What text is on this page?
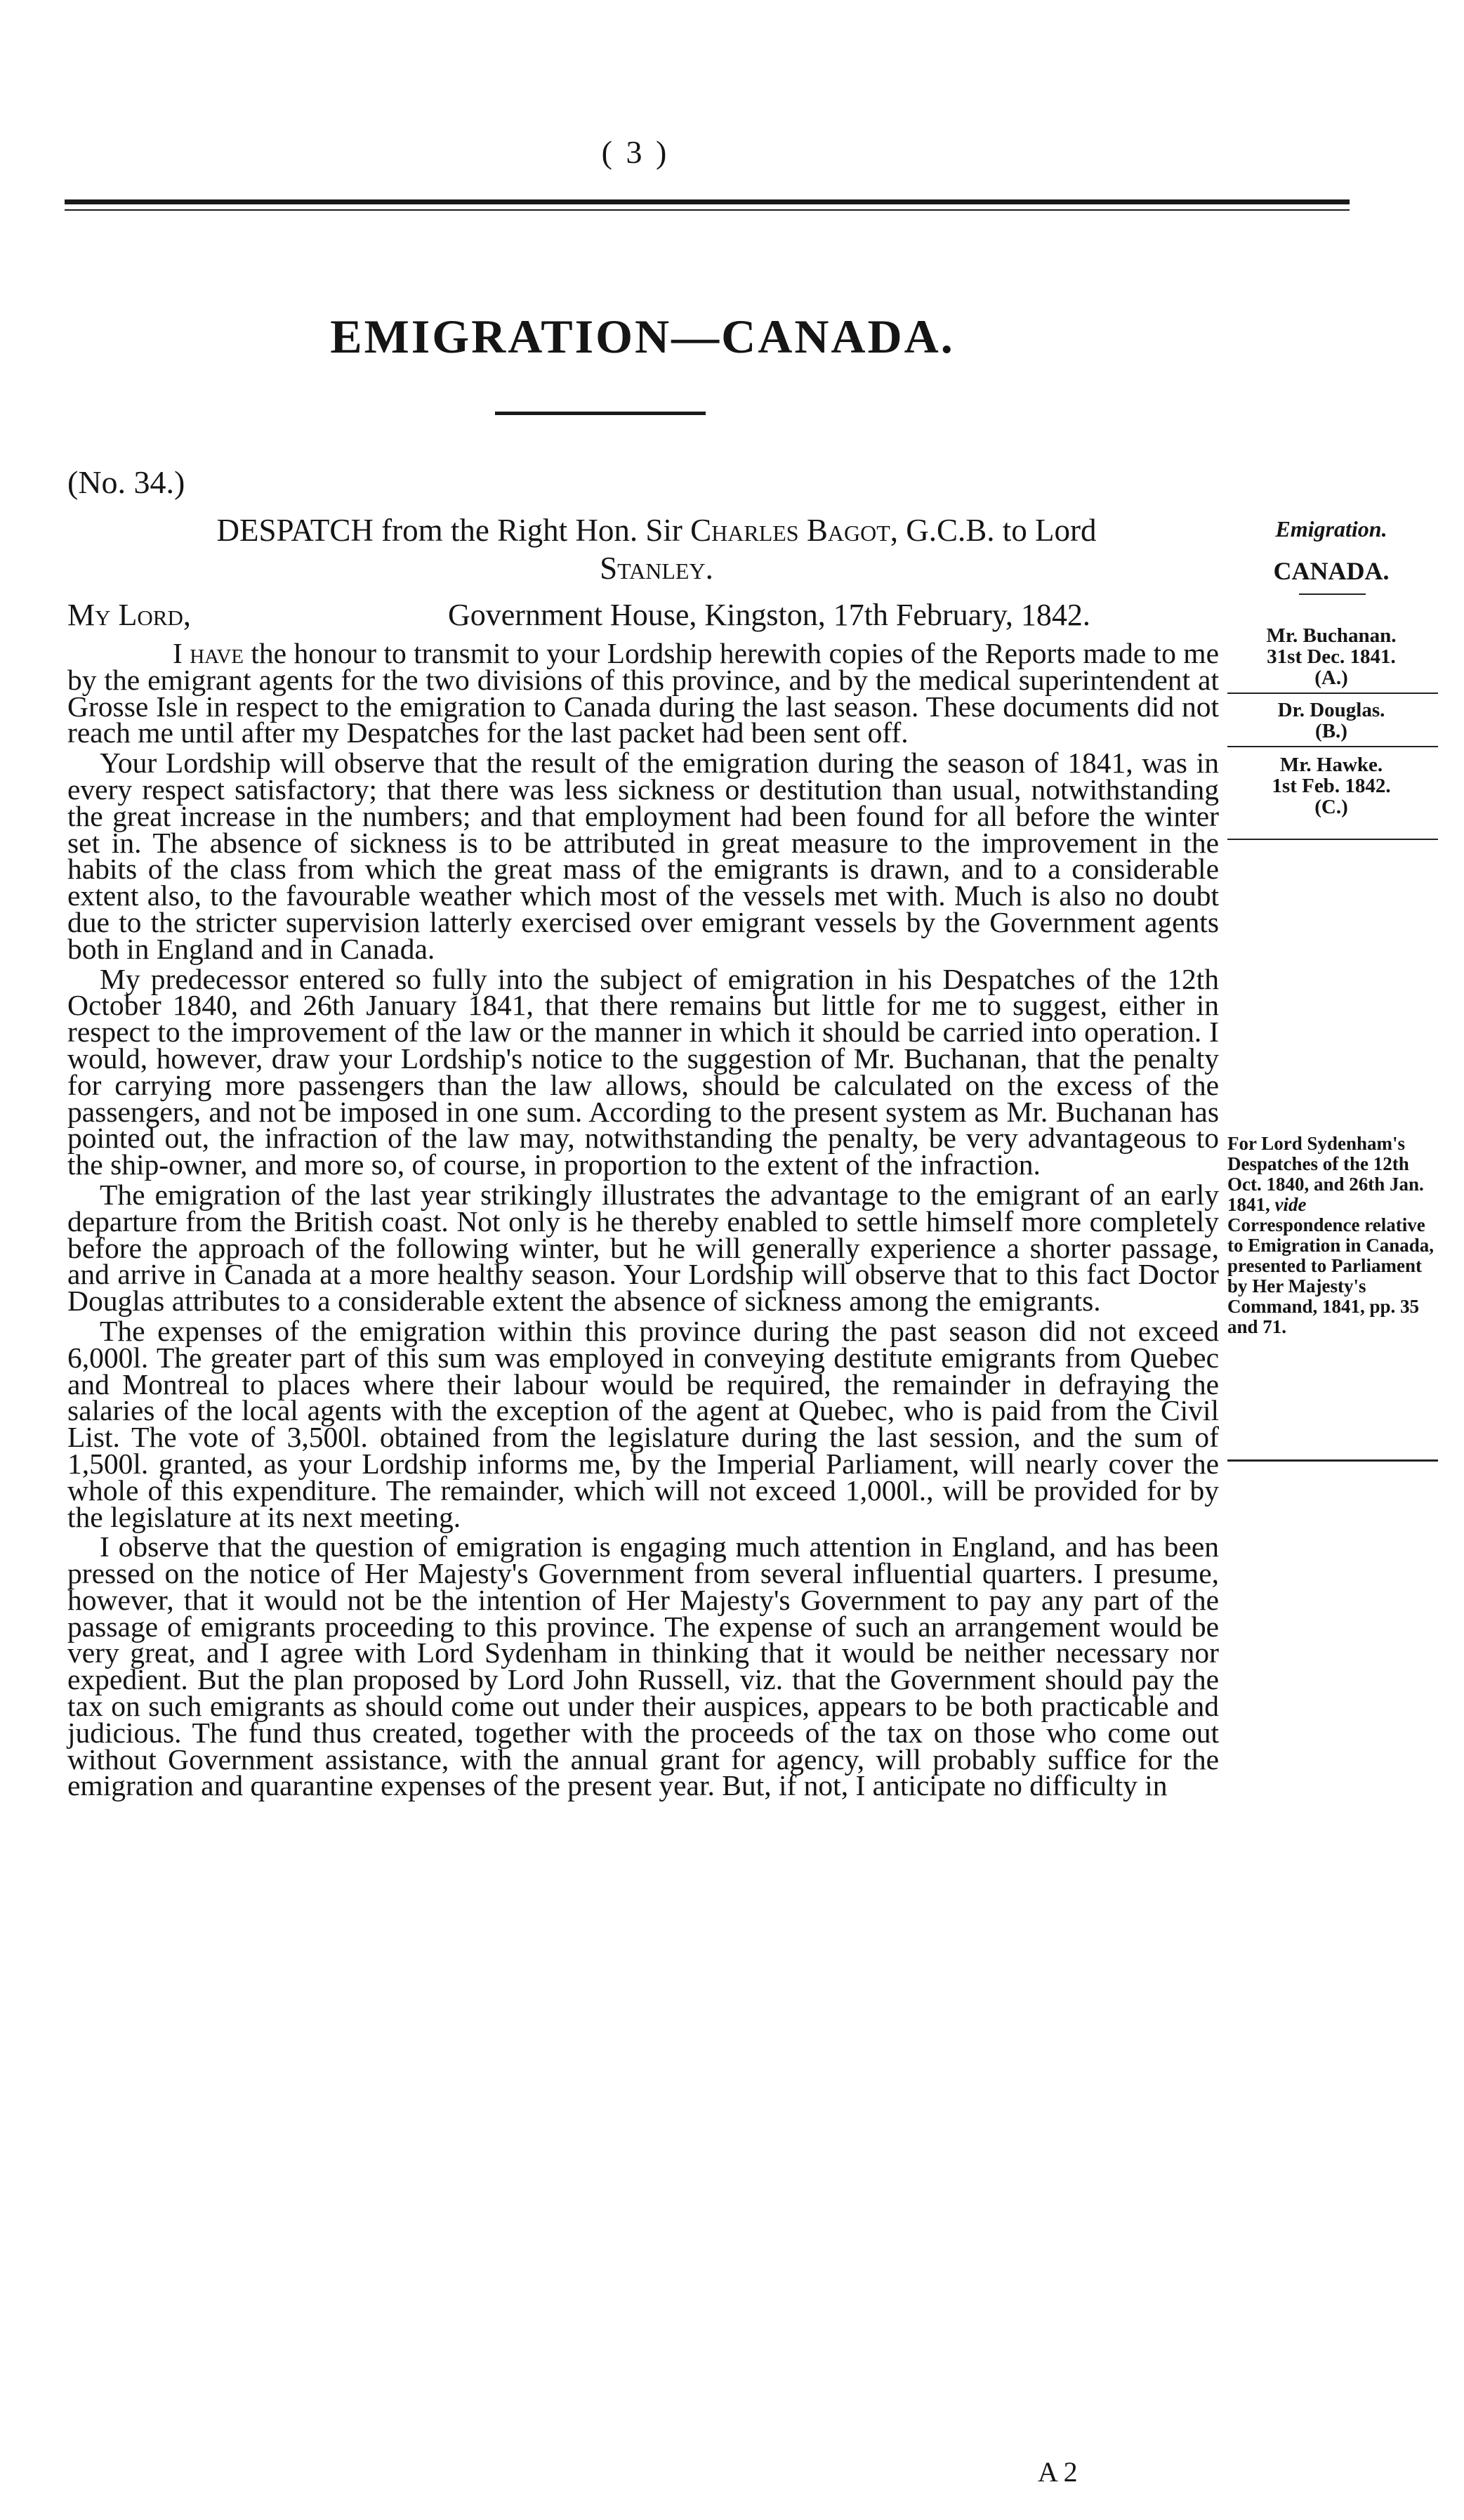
( 3 )
EMIGRATION—CANADA.
(No. 34.)
DESPATCH from the Right Hon. Sir Charles Bagot, G.C.B. to Lord
Stanley.
My Lord,	Government House, Kingston, 17th February, 1842.

I have the honour to transmit to your Lordship herewith copies of the Reports made to me by the emigrant agents for the two divisions of this province, and by the medical superintendent at Grosse Isle in respect to the emigration to Canada during the last season. These documents did not reach me until after my Despatches for the last packet had been sent off.

Your Lordship will observe that the result of the emigration during the season of 1841, was in every respect satisfactory; that there was less sickness or destitution than usual, notwithstanding the great increase in the numbers; and that employment had been found for all before the winter set in. The absence of sickness is to be attributed in great measure to the improvement in the habits of the class from which the great mass of the emigrants is drawn, and to a considerable extent also, to the favourable weather which most of the vessels met with. Much is also no doubt due to the stricter supervision latterly exercised over emigrant vessels by the Government agents both in England and in Canada.

My predecessor entered so fully into the subject of emigration in his Despatches of the 12th October 1840, and 26th January 1841, that there remains but little for me to suggest, either in respect to the improvement of the law or the manner in which it should be carried into operation. I would, however, draw your Lordship's notice to the suggestion of Mr. Buchanan, that the penalty for carrying more passengers than the law allows, should be calculated on the excess of the passengers, and not be imposed in one sum. According to the present system as Mr. Buchanan has pointed out, the infraction of the law may, notwithstanding the penalty, be very advantageous to the ship-owner, and more so, of course, in proportion to the extent of the infraction.

The emigration of the last year strikingly illustrates the advantage to the emigrant of an early departure from the British coast. Not only is he thereby enabled to settle himself more completely before the approach of the following winter, but he will generally experience a shorter passage, and arrive in Canada at a more healthy season. Your Lordship will observe that to this fact Doctor Douglas attributes to a considerable extent the absence of sickness among the emigrants.

The expenses of the emigration within this province during the past season did not exceed 6,000l. The greater part of this sum was employed in conveying destitute emigrants from Quebec and Montreal to places where their labour would be required, the remainder in defraying the salaries of the local agents with the exception of the agent at Quebec, who is paid from the Civil List. The vote of 3,500l. obtained from the legislature during the last session, and the sum of 1,500l. granted, as your Lordship informs me, by the Imperial Parliament, will nearly cover the whole of this expenditure. The remainder, which will not exceed 1,000l., will be provided for by the legislature at its next meeting.

I observe that the question of emigration is engaging much attention in England, and has been pressed on the notice of Her Majesty's Government from several influential quarters. I presume, however, that it would not be the intention of Her Majesty's Government to pay any part of the passage of emigrants proceeding to this province. The expense of such an arrangement would be very great, and I agree with Lord Sydenham in thinking that it would be neither necessary nor expedient. But the plan proposed by Lord John Russell, viz. that the Government should pay the tax on such emigrants as should come out under their auspices, appears to be both practicable and judicious. The fund thus created, together with the proceeds of the tax on those who come out without Government assistance, with the annual grant for agency, will probably suffice for the emigration and quarantine expenses of the present year. But, if not, I anticipate no difficulty in

Emigration.
CANADA.
Mr. Buchanan.
31st Dec. 1841.
(A.)
Dr. Douglas.
(B.)
Mr. Hawke.
1st Feb. 1842.
(C.)
For Lord Sydenham's Despatches of the 12th Oct. 1840, and 26th Jan. 1841, vide Correspondence relative to Emigration in Canada, presented to Parliament by Her Majesty's Command, 1841, pp. 35 and 71.
A 2
